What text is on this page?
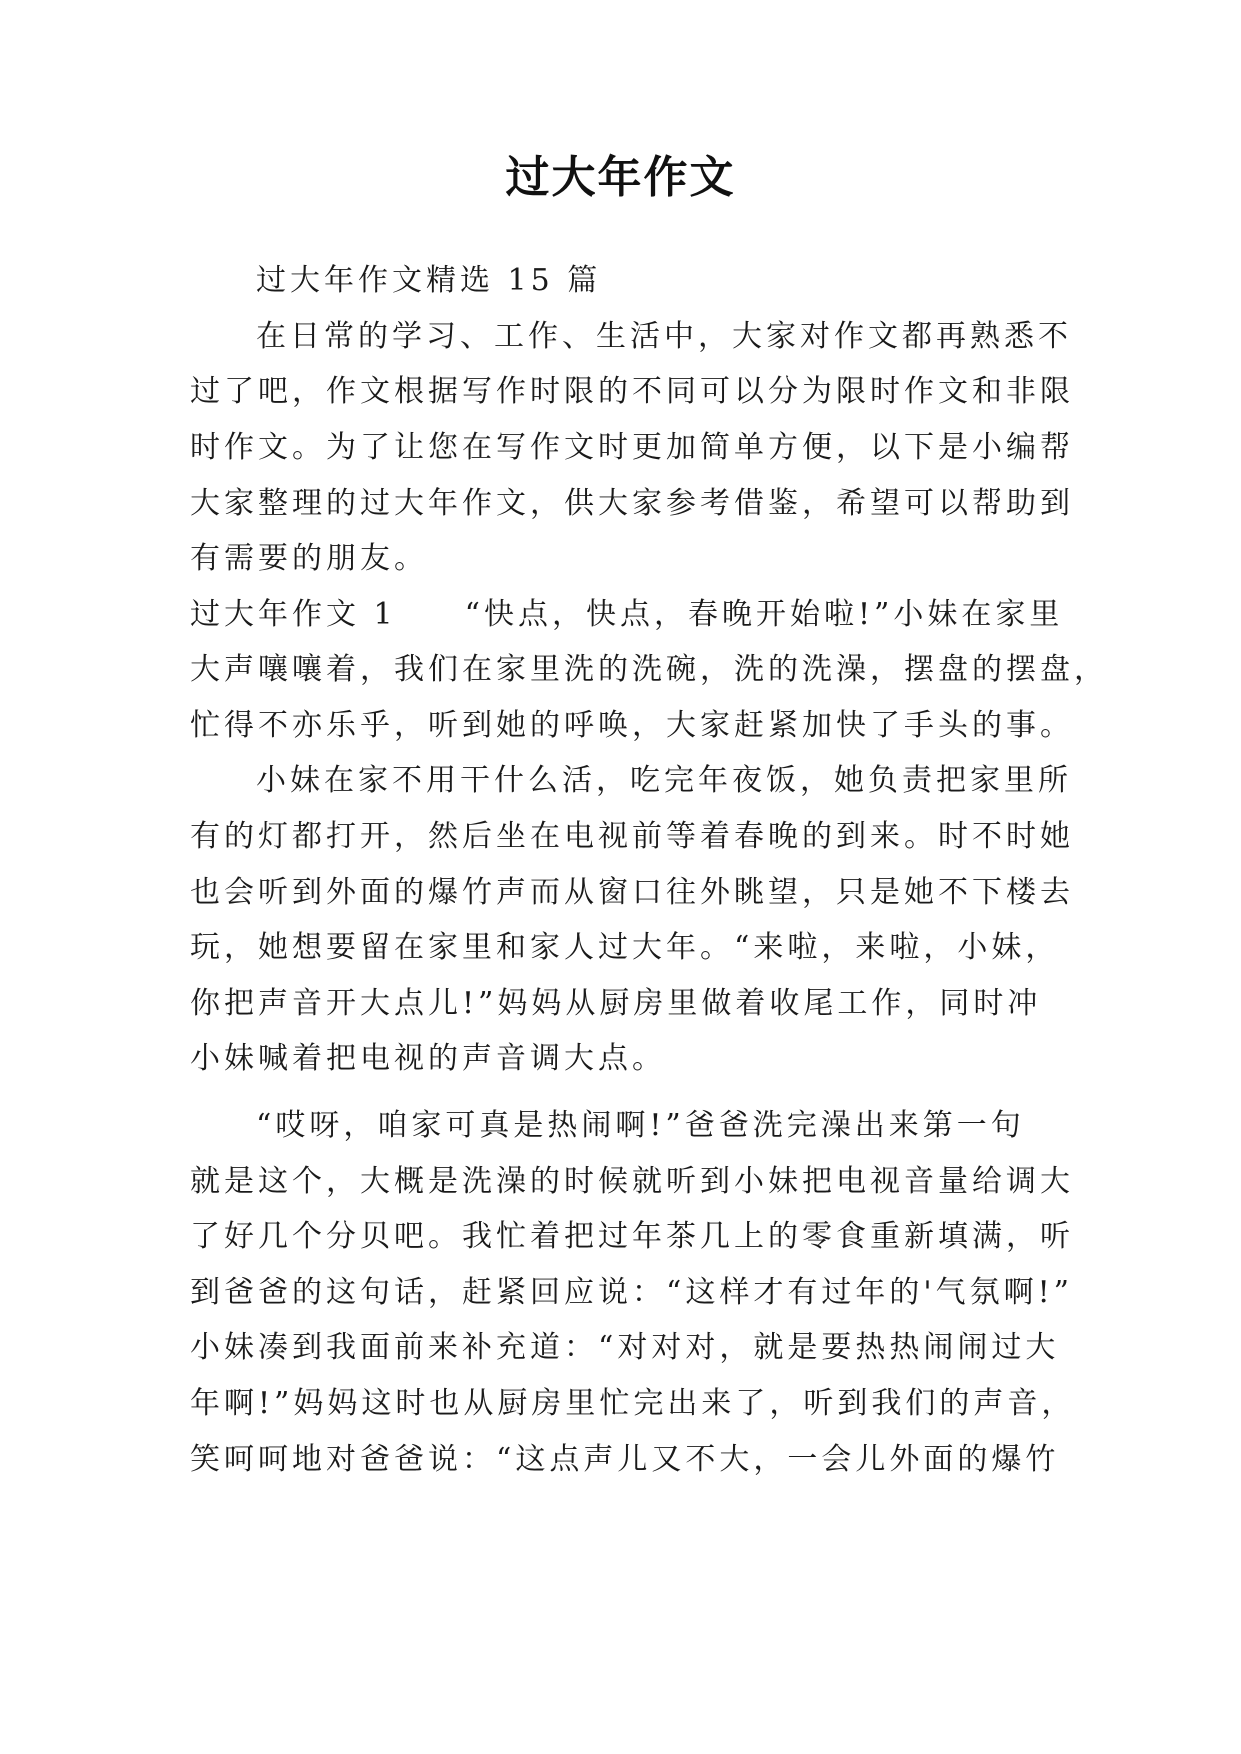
过大年作文

过大年作文精选 15 篇

在日常的学习、工作、生活中，大家对作文都再熟悉不

过了吧，作文根据写作时限的不同可以分为限时作文和非限

时作文。为了让您在写作文时更加简单方便，以下是小编帮

大家整理的过大年作文，供大家参考借鉴，希望可以帮助到

有需要的朋友。

过大年作文 1　　“快点，快点，春晚开始啦!”小妹在家里

大声嚷嚷着，我们在家里洗的洗碗，洗的洗澡，摆盘的摆盘，

忙得不亦乐乎，听到她的呼唤，大家赶紧加快了手头的事。

小妹在家不用干什么活，吃完年夜饭，她负责把家里所

有的灯都打开，然后坐在电视前等着春晚的到来。时不时她

也会听到外面的爆竹声而从窗口往外眺望，只是她不下楼去

玩，她想要留在家里和家人过大年。“来啦，来啦，小妹，

你把声音开大点儿!”妈妈从厨房里做着收尾工作，同时冲

小妹喊着把电视的声音调大点。

“哎呀，咱家可真是热闹啊!”爸爸洗完澡出来第一句

就是这个，大概是洗澡的时候就听到小妹把电视音量给调大

了好几个分贝吧。我忙着把过年茶几上的零食重新填满，听

到爸爸的这句话，赶紧回应说：“这样才有过年的'气氛啊!”

小妹凑到我面前来补充道：“对对对，就是要热热闹闹过大

年啊!”妈妈这时也从厨房里忙完出来了，听到我们的声音，

笑呵呵地对爸爸说：“这点声儿又不大，一会儿外面的爆竹
